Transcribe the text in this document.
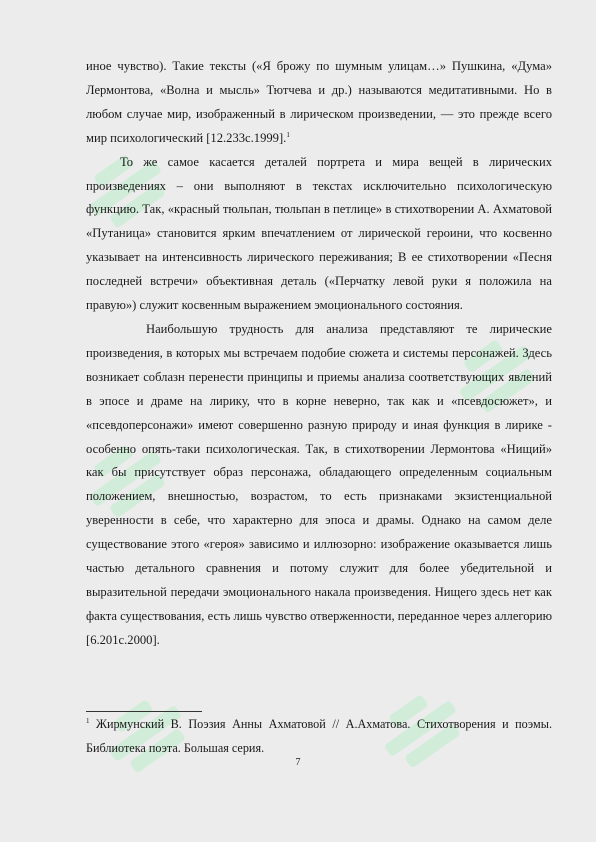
иное чувство). Такие тексты («Я брожу по шумным улицам…» Пушкина, «Дума» Лермонтова, «Волна и мысль» Тютчева и др.) называются медитативными. Но в любом случае мир, изображенный в лирическом произведении, — это прежде всего мир психологический [12.233с.1999].$^1$

То же самое касается деталей портрета и мира вещей в лирических произведениях – они выполняют в текстах исключительно психологическую функцию. Так, «красный тюльпан, тюльпан в петлице» в стихотворении А. Ахматовой «Путаница» становится ярким впечатлением от лирической героини, что косвенно указывает на интенсивность лирического переживания; В ее стихотворении «Песня последней встречи» объективная деталь («Перчатку левой руки я положила на правую») служит косвенным выражением эмоционального состояния.

Наибольшую трудность для анализа представляют те лирические произведения, в которых мы встречаем подобие сюжета и системы персонажей. Здесь возникает соблазн перенести принципы и приемы анализа соответствующих явлений в эпосе и драме на лирику, что в корне неверно, так как и «псевдосюжет», и «псевдоперсонажи» имеют совершенно разную природу и иная функция в лирике - особенно опять-таки психологическая. Так, в стихотворении Лермонтова «Нищий» как бы присутствует образ персонажа, обладающего определенным социальным положением, внешностью, возрастом, то есть признаками экзистенциальной уверенности в себе, что характерно для эпоса и драмы. Однако на самом деле существование этого «героя» зависимо и иллюзорно: изображение оказывается лишь частью детального сравнения и потому служит для более убедительной и выразительной передачи эмоционального накала произведения. Нищего здесь нет как факта существования, есть лишь чувство отверженности, переданное через аллегорию [6.201с.2000].

$^1$ Жирмунский В. Поэзия Анны Ахматовой // А.Ахматова. Стихотворения и поэмы. Библиотека поэта. Большая серия.
7
